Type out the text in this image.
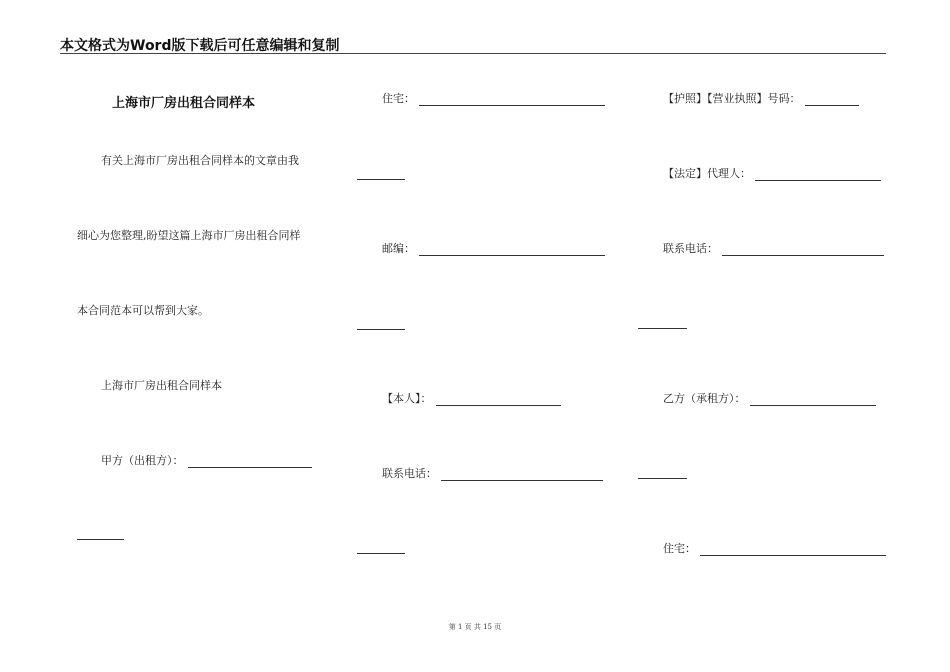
本文格式为Word版下载后可任意编辑和复制
上海市厂房出租合同样本
有关上海市厂房出租合同样本的文章由我
细心为您整理,盼望这篇上海市厂房出租合同样
本合同范本可以帮到大家。
上海市厂房出租合同样本
甲方（出租方）：
住宅：
邮编：
【本人】：
联系电话：
【护照】【营业执照】号码：
【法定】代理人：
联系电话：
乙方（承租方）：
住宅：
第 1 页 共 15 页
